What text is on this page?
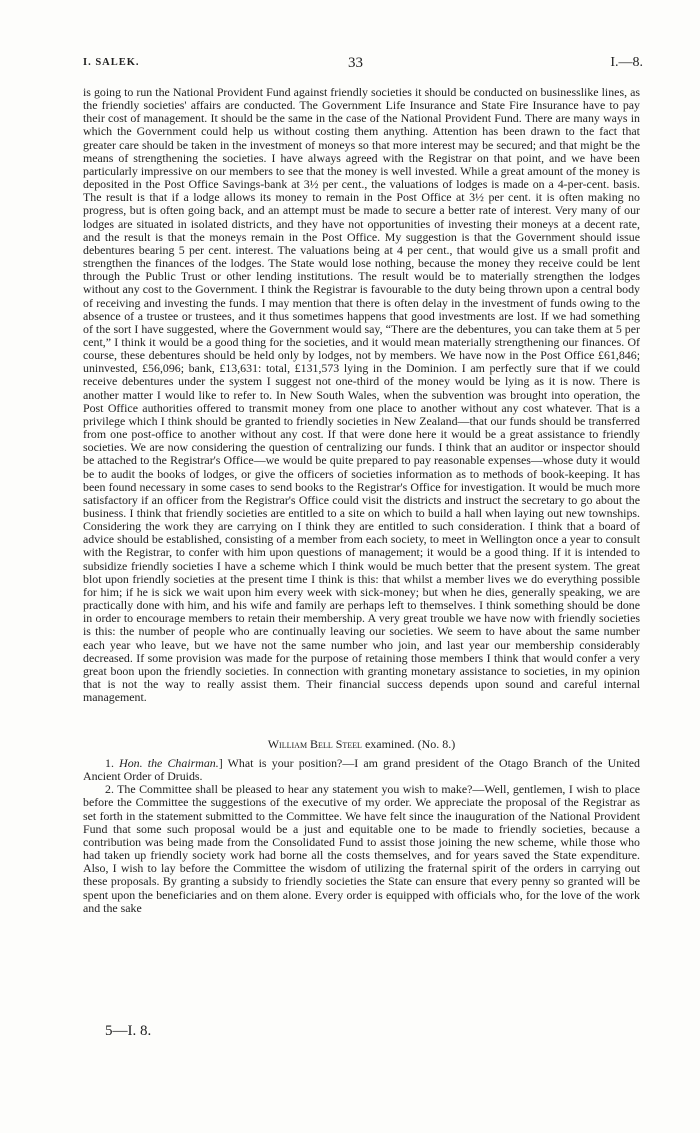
I. SALEK.	33	I.—8.

is going to run the National Provident Fund against friendly societies it should be conducted on businesslike lines, as the friendly societies' affairs are conducted. The Government Life Insurance and State Fire Insurance have to pay their cost of management. It should be the same in the case of the National Provident Fund. There are many ways in which the Government could help us without costing them anything. Attention has been drawn to the fact that greater care should be taken in the investment of moneys so that more interest may be secured; and that might be the means of strengthening the societies. I have always agreed with the Registrar on that point, and we have been particularly impressive on our members to see that the money is well invested. While a great amount of the money is deposited in the Post Office Savings-bank at 3½ per cent., the valuations of lodges is made on a 4-per-cent. basis. The result is that if a lodge allows its money to remain in the Post Office at 3½ per cent. it is often making no progress, but is often going back, and an attempt must be made to secure a better rate of interest. Very many of our lodges are situated in isolated districts, and they have not opportunities of investing their moneys at a decent rate, and the result is that the moneys remain in the Post Office. My suggestion is that the Government should issue debentures bearing 5 per cent. interest. The valuations being at 4 per cent., that would give us a small profit and strengthen the finances of the lodges. The State would lose nothing, because the money they receive could be lent through the Public Trust or other lending institutions. The result would be to materially strengthen the lodges without any cost to the Government. I think the Registrar is favourable to the duty being thrown upon a central body of receiving and investing the funds. I may mention that there is often delay in the investment of funds owing to the absence of a trustee or trustees, and it thus sometimes happens that good investments are lost. If we had something of the sort I have suggested, where the Government would say, “There are the debentures, you can take them at 5 per cent,” I think it would be a good thing for the societies, and it would mean materially strengthening our finances. Of course, these debentures should be held only by lodges, not by members. We have now in the Post Office £61,846; uninvested, £56,096; bank, £13,631: total, £131,573 lying in the Dominion. I am perfectly sure that if we could receive debentures under the system I suggest not one-third of the money would be lying as it is now. There is another matter I would like to refer to. In New South Wales, when the subvention was brought into operation, the Post Office authorities offered to transmit money from one place to another without any cost whatever. That is a privilege which I think should be granted to friendly societies in New Zealand—that our funds should be transferred from one post-office to another without any cost. If that were done here it would be a great assistance to friendly societies. We are now considering the question of centralizing our funds. I think that an auditor or inspector should be attached to the Registrar's Office—we would be quite prepared to pay reasonable expenses—whose duty it would be to audit the books of lodges, or give the officers of societies information as to methods of book-keeping. It has been found necessary in some cases to send books to the Registrar's Office for investigation. It would be much more satisfactory if an officer from the Registrar's Office could visit the districts and instruct the secretary to go about the business. I think that friendly societies are entitled to a site on which to build a hall when laying out new townships. Considering the work they are carrying on I think they are entitled to such consideration. I think that a board of advice should be established, consisting of a member from each society, to meet in Wellington once a year to consult with the Registrar, to confer with him upon questions of management; it would be a good thing. If it is intended to subsidize friendly societies I have a scheme which I think would be much better that the present system. The great blot upon friendly societies at the present time I think is this: that whilst a member lives we do everything possible for him; if he is sick we wait upon him every week with sick-money; but when he dies, generally speaking, we are practically done with him, and his wife and family are perhaps left to themselves. I think something should be done in order to encourage members to retain their membership. A very great trouble we have now with friendly societies is this: the number of people who are continually leaving our societies. We seem to have about the same number each year who leave, but we have not the same number who join, and last year our membership considerably decreased. If some provision was made for the purpose of retaining those members I think that would confer a very great boon upon the friendly societies. In connection with granting monetary assistance to societies, in my opinion that is not the way to really assist them. Their financial success depends upon sound and careful internal management.

William Bell Steel examined. (No. 8.)

1. Hon. the Chairman.] What is your position?—I am grand president of the Otago Branch of the United Ancient Order of Druids.

2. The Committee shall be pleased to hear any statement you wish to make?—Well, gentlemen, I wish to place before the Committee the suggestions of the executive of my order. We appreciate the proposal of the Registrar as set forth in the statement submitted to the Committee. We have felt since the inauguration of the National Provident Fund that some such proposal would be a just and equitable one to be made to friendly societies, because a contribution was being made from the Consolidated Fund to assist those joining the new scheme, while those who had taken up friendly society work had borne all the costs themselves, and for years saved the State expenditure. Also, I wish to lay before the Committee the wisdom of utilizing the fraternal spirit of the orders in carrying out these proposals. By granting a subsidy to friendly societies the State can ensure that every penny so granted will be spent upon the beneficiaries and on them alone. Every order is equipped with officials who, for the love of the work and the sake

5—I. 8.
